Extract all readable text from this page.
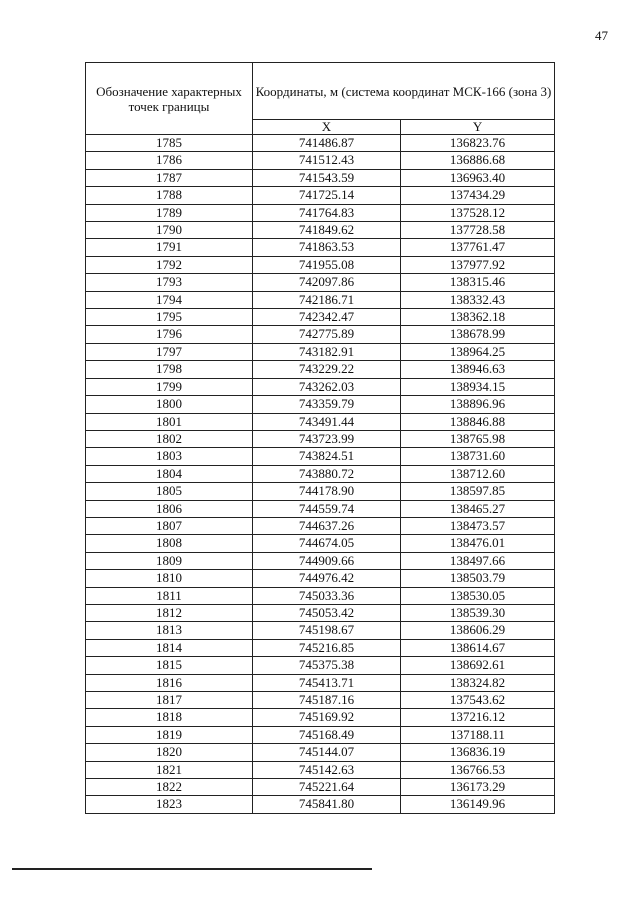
47
Обозначение характерных точек границы	Координаты, м (система координат МСК-166 (зона 3)	
	X	Y
1785	741486.87	136823.76
1786	741512.43	136886.68
1787	741543.59	136963.40
1788	741725.14	137434.29
1789	741764.83	137528.12
1790	741849.62	137728.58
1791	741863.53	137761.47
1792	741955.08	137977.92
1793	742097.86	138315.46
1794	742186.71	138332.43
1795	742342.47	138362.18
1796	742775.89	138678.99
1797	743182.91	138964.25
1798	743229.22	138946.63
1799	743262.03	138934.15
1800	743359.79	138896.96
1801	743491.44	138846.88
1802	743723.99	138765.98
1803	743824.51	138731.60
1804	743880.72	138712.60
1805	744178.90	138597.85
1806	744559.74	138465.27
1807	744637.26	138473.57
1808	744674.05	138476.01
1809	744909.66	138497.66
1810	744976.42	138503.79
1811	745033.36	138530.05
1812	745053.42	138539.30
1813	745198.67	138606.29
1814	745216.85	138614.67
1815	745375.38	138692.61
1816	745413.71	138324.82
1817	745187.16	137543.62
1818	745169.92	137216.12
1819	745168.49	137188.11
1820	745144.07	136836.19
1821	745142.63	136766.53
1822	745221.64	136173.29
1823	745841.80	136149.96
